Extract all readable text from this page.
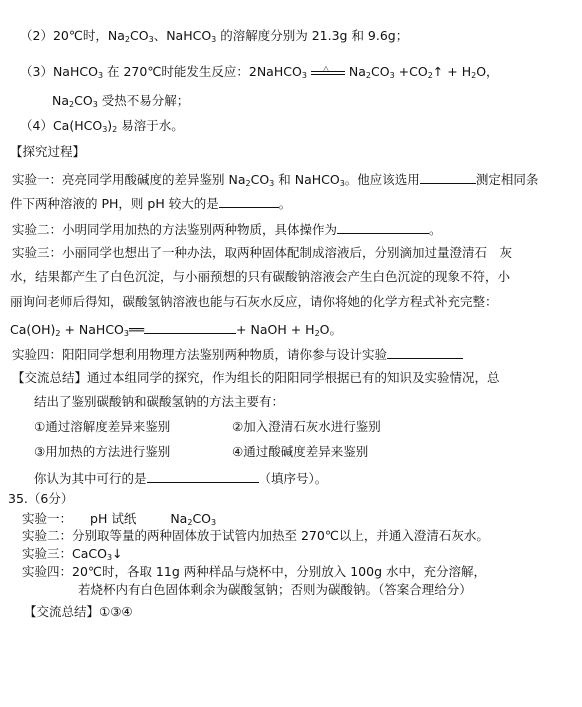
（2）20℃时，$Na_2CO_3$、NaHCO$_3$ 的溶解度分别为 21.3g 和 9.6g；
（3）NaHCO$_3$ 在 270℃时能发生反应：2NaHCO$_3$
△ $Na_2CO_3$ $+CO_2↑ + H_2O$，
$Na_2CO_3$ 受热不易分解；
$(4)Ca(HCO_3)_2$ 易溶于水。
【探究过程】
实验一：亮亮同学用酸碱度的差异鉴别 $Na_2CO_3$ 和 NaHCO$_3$。他应该选用	测定相同条
件下两种溶液的 PH，则 pH 较大的是	。
实验二：小明同学用加热的方法鉴别两种物质，具体操作为	。
实验三：小丽同学也想出了一种办法，取两种固体配制成溶液后，分别滴加过量澄清石　灰
水，结果都产生了白色沉淀，与小丽预想的只有碳酸钠溶液会产生白色沉淀的现象不符，小
丽询问老师后得知，碳酸氢钠溶液也能与石灰水反应，请你将她的化学方程式补充完整：
$Ca(OH)_2$ + NaHCO$_3$══	+ NaOH + $H_2O$。
实验四：阳阳同学想利用物理方法鉴别两种物质，请你参与设计实验
【交流总结】通过本组同学的探究，作为组长的阳阳同学根据已有的知识及实验情况，总
结出了鉴别碳酸钠和碳酸氢钠的方法主要有：
①通过溶解度差异来鉴别	②加入澄清石灰水进行鉴别
③用加热的方法进行鉴别	④通过酸碱度差异来鉴别
你认为其中可行的是	（填序号）。
35.（6分）
实验一： pH 试纸	$Na_2CO_3$
实验二：分别取等量的两种固体放于试管内加热至 270℃以上，并通入澄清石灰水。
实验三：CaCO$_3$↓
实验四：20℃时，各取 11g 两种样品与烧杯中，分别放入 100g 水中，充分溶解，
若烧杯内有白色固体剩余为碳酸氢钠；否则为碳酸钠。（答案合理给分）
【交流总结】①③④
